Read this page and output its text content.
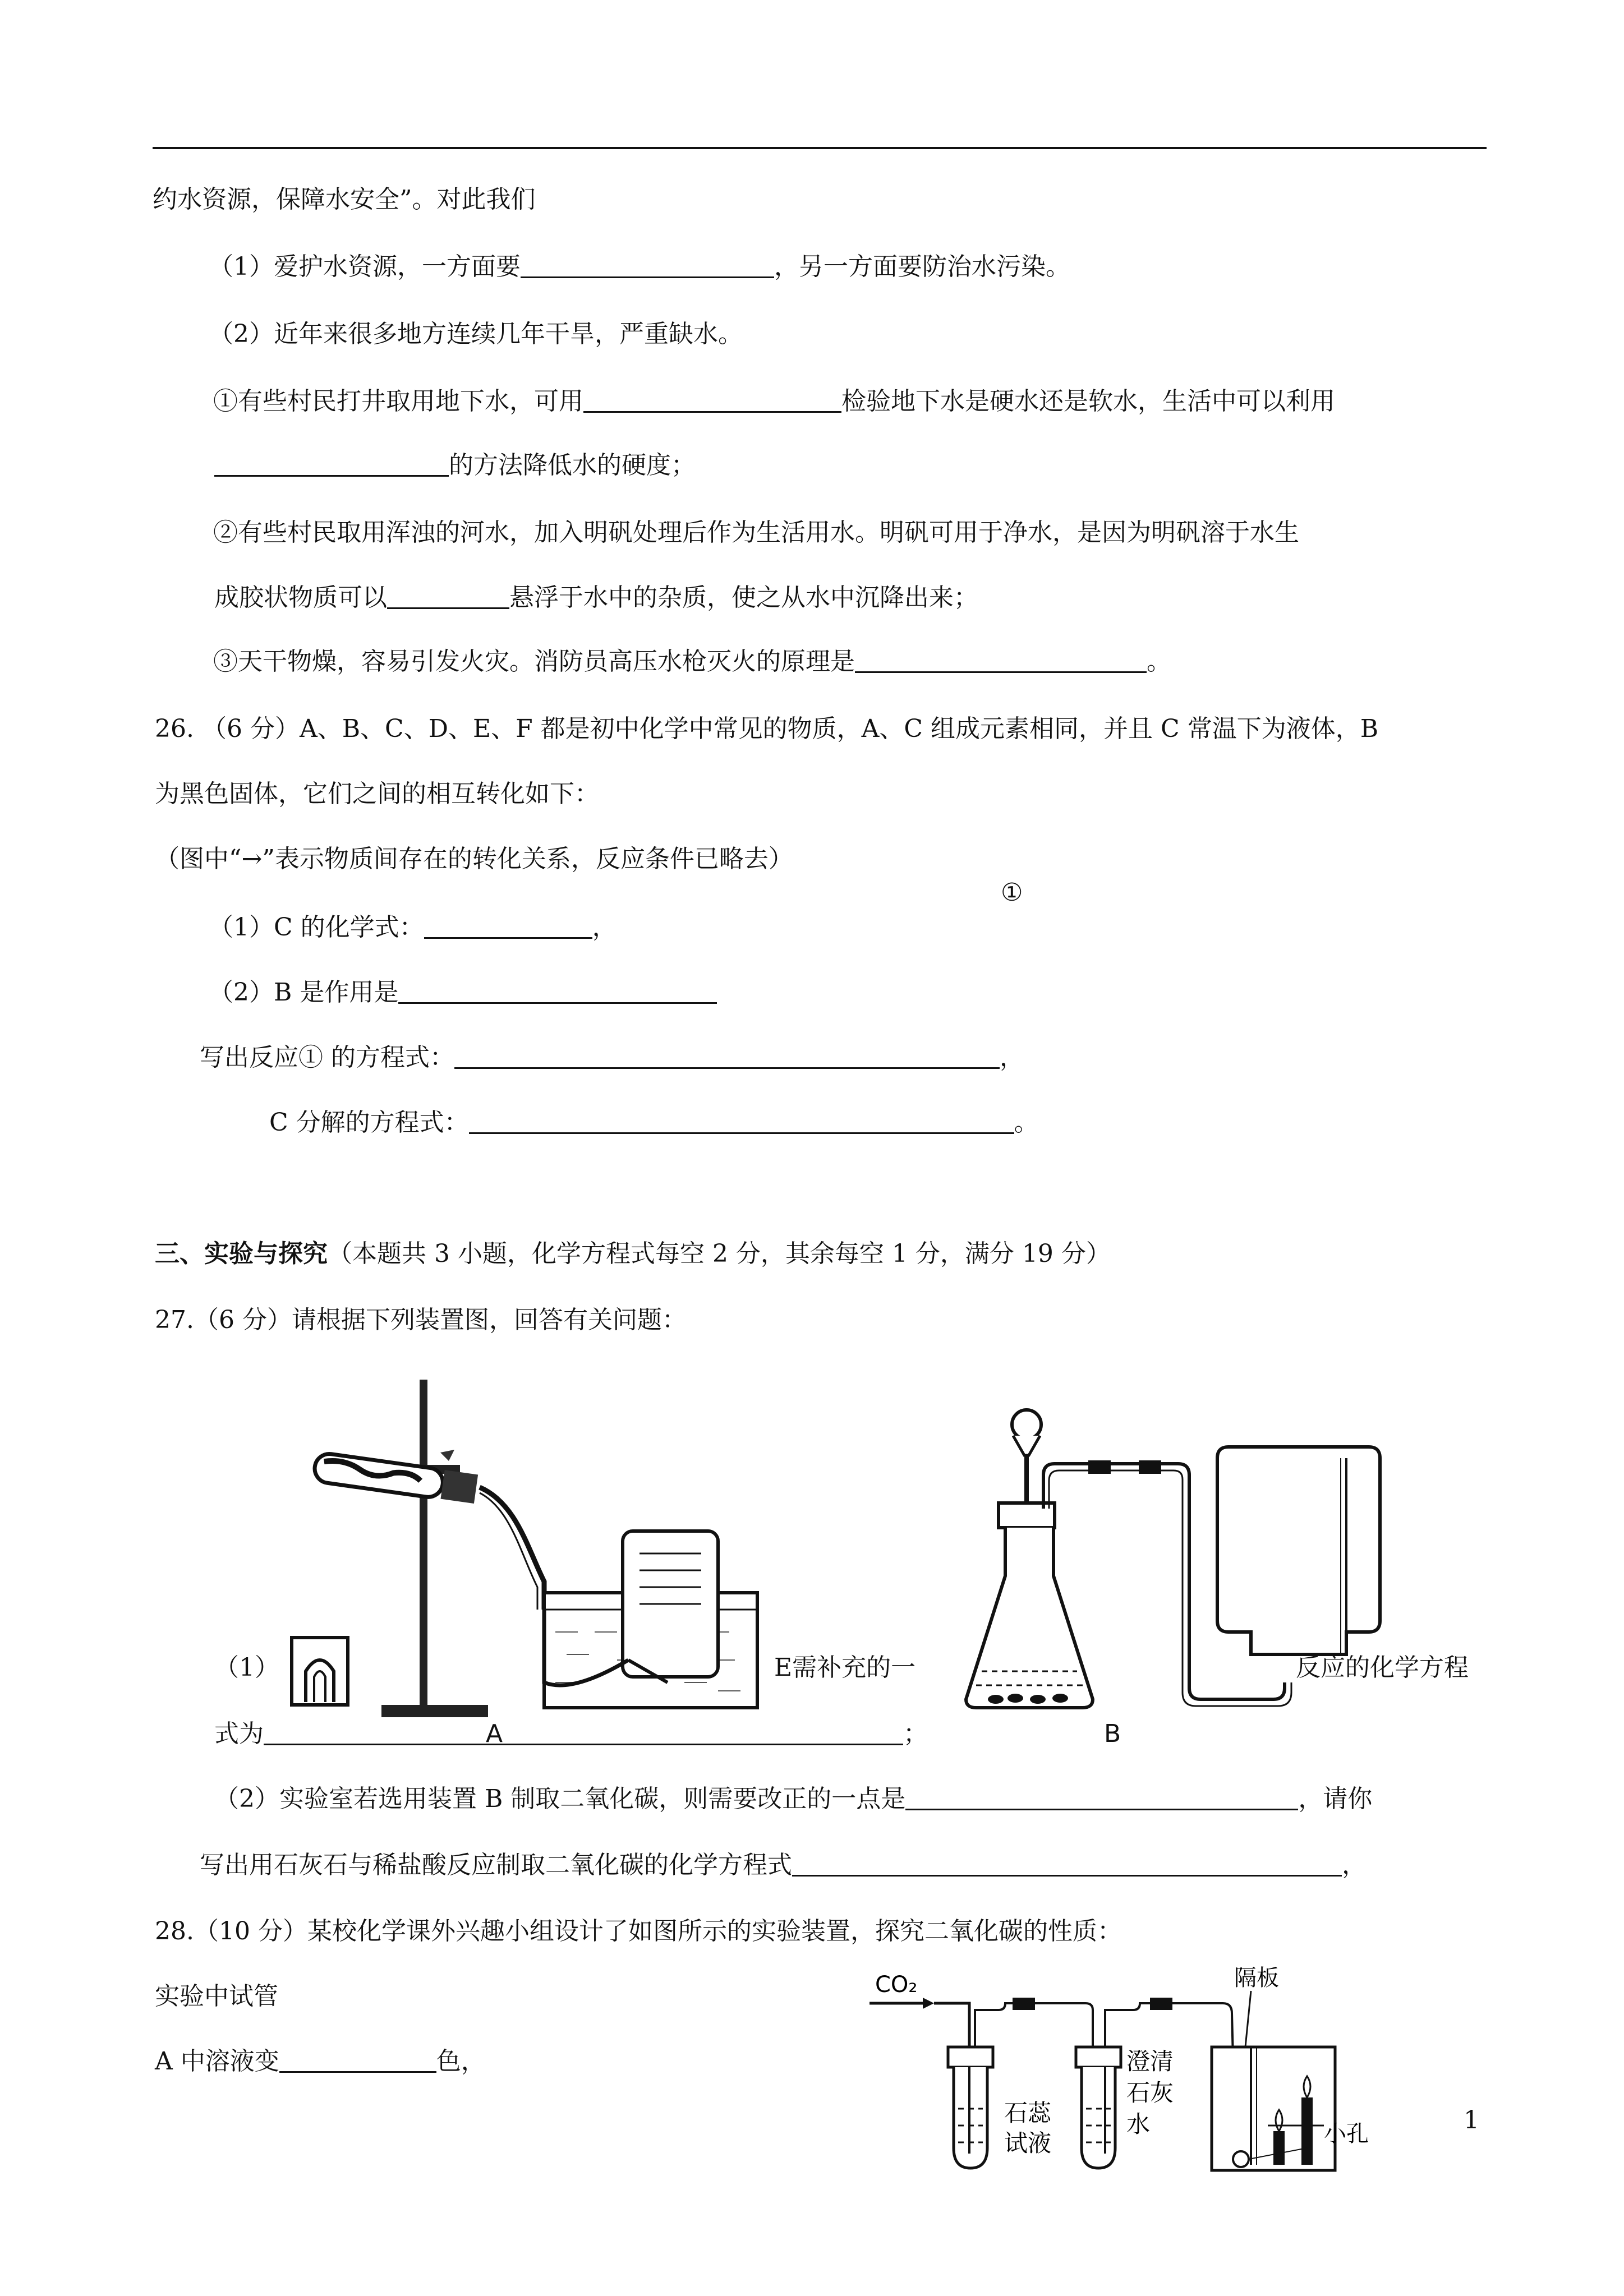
约水资源，保障水安全”。对此我们
（1）爱护水资源，一方面要	，另一方面要防治水污染。
（2）近年来很多地方连续几年干旱，严重缺水。
①有些村民打井取用地下水，可用	检验地下水是硬水还是软水，生活中可以利用
的方法降低水的硬度；
②有些村民取用浑浊的河水，加入明矾处理后作为生活用水。明矾可用于净水，是因为明矾溶于水生
成胶状物质可以	悬浮于水中的杂质，使之从水中沉降出来；
③天干物燥，容易引发火灾。消防员高压水枪灭火的原理是	。
26. （6 分）A、B、C、D、E、F 都是初中化学中常见的物质，A、C 组成元素相同，并且 C 常温下为液体，B
为黑色固体，它们之间的相互转化如下：
（图中“→”表示物质间存在的转化关系，反应条件已略去）
①
（1）C 的化学式：	，
（2）B 是作用是
写出反应① 的方程式：	，
C 分解的方程式：	。
三、实验与探究（本题共 3 小题，化学方程式每空 2 分，其余每空 1 分，满分 19 分）
27.（6 分）请根据下列装置图，回答有关问题：
（1）	E需补充的一	反应的化学方程
式为	；
A	B
（2）实验室若选用装置 B 制取二氧化碳，则需要改正的一点是	，请你
写出用石灰石与稀盐酸反应制取二氧化碳的化学方程式	，
28.（10 分）某校化学课外兴趣小组设计了如图所示的实验装置，探究二氧化碳的性质：
实验中试管
A 中溶液变	色，
CO₂
石蕊
试液
澄清
石灰
水
隔板
小孔	1
